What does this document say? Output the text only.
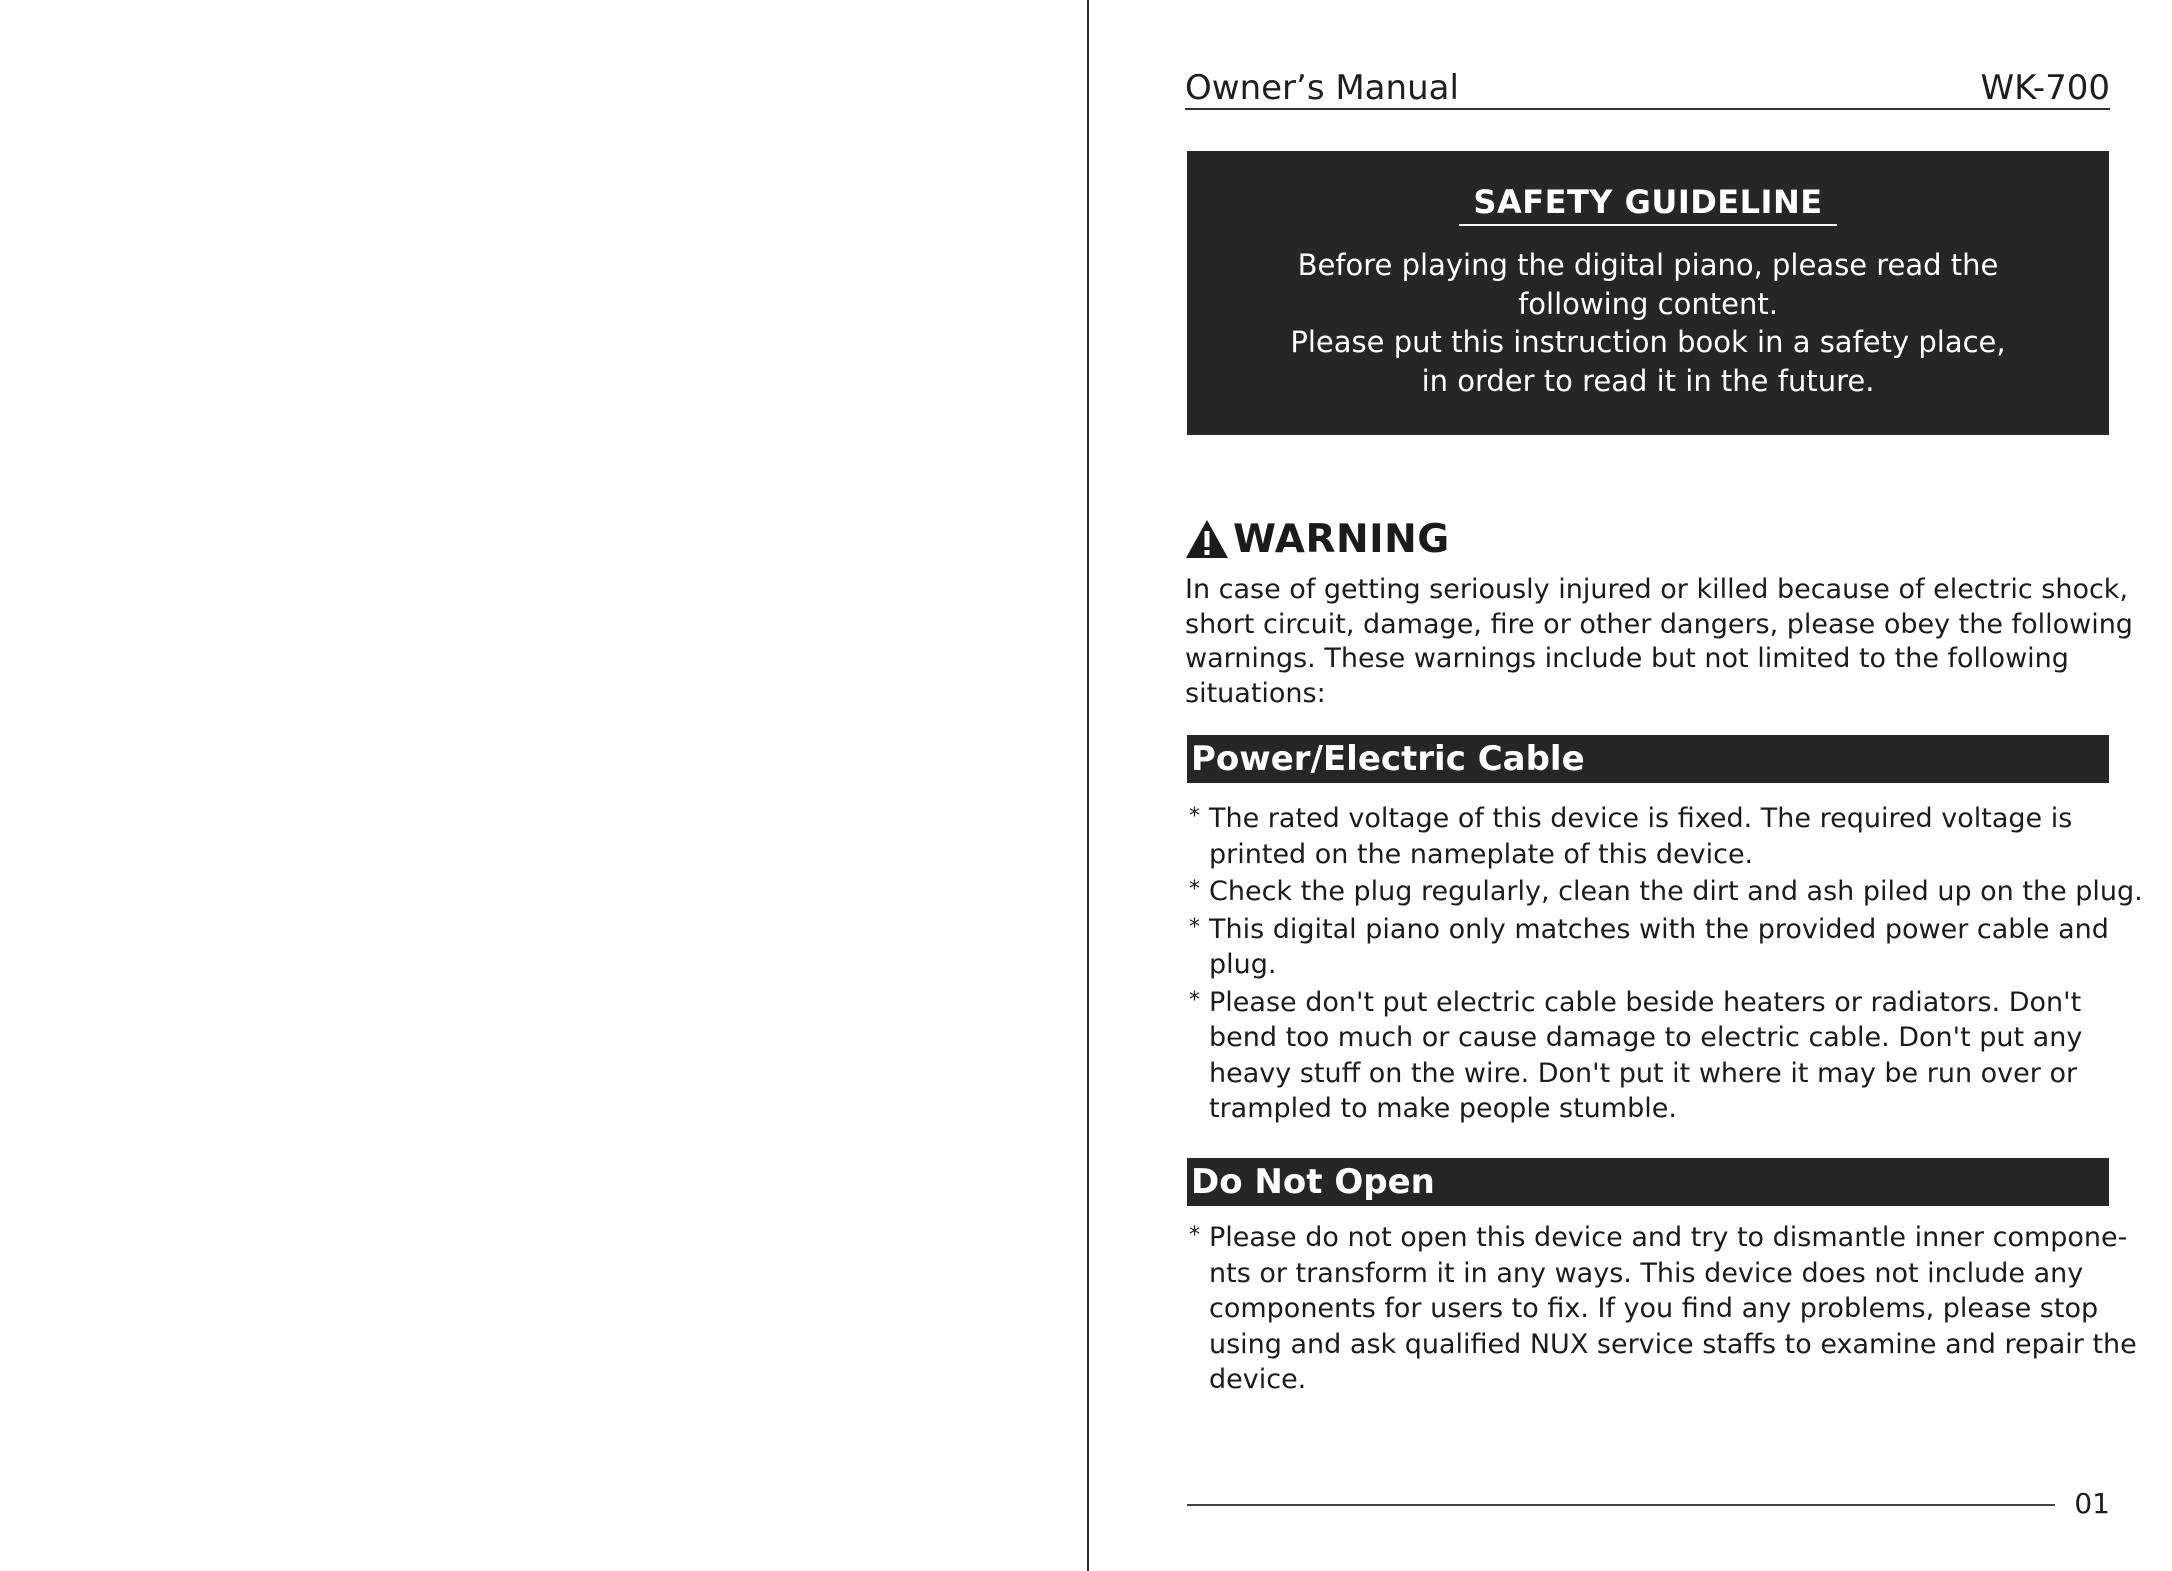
Owner’s Manual	WK-700
SAFETY GUIDELINE
Before playing the digital piano, please read the
following content.
Please put this instruction book in a safety place,
in order to read it in the future.
WARNING
In case of getting seriously injured or killed because of electric shock,
short circuit, damage, fire or other dangers, please obey the following
warnings. These warnings include but not limited to the following
situations:
Power/Electric Cable
* The rated voltage of this device is fixed. The required voltage is
printed on the nameplate of this device.
* Check the plug regularly, clean the dirt and ash piled up on the plug.
* This digital piano only matches with the provided power cable and
plug.
* Please don't put electric cable beside heaters or radiators. Don't
bend too much or cause damage to electric cable. Don't put any
heavy stuff on the wire. Don't put it where it may be run over or
trampled to make people stumble.
Do Not Open
* Please do not open this device and try to dismantle inner compone-
nts or transform it in any ways. This device does not include any
components for users to fix. If you find any problems, please stop
using and ask qualified NUX service staffs to examine and repair the
device.
01
